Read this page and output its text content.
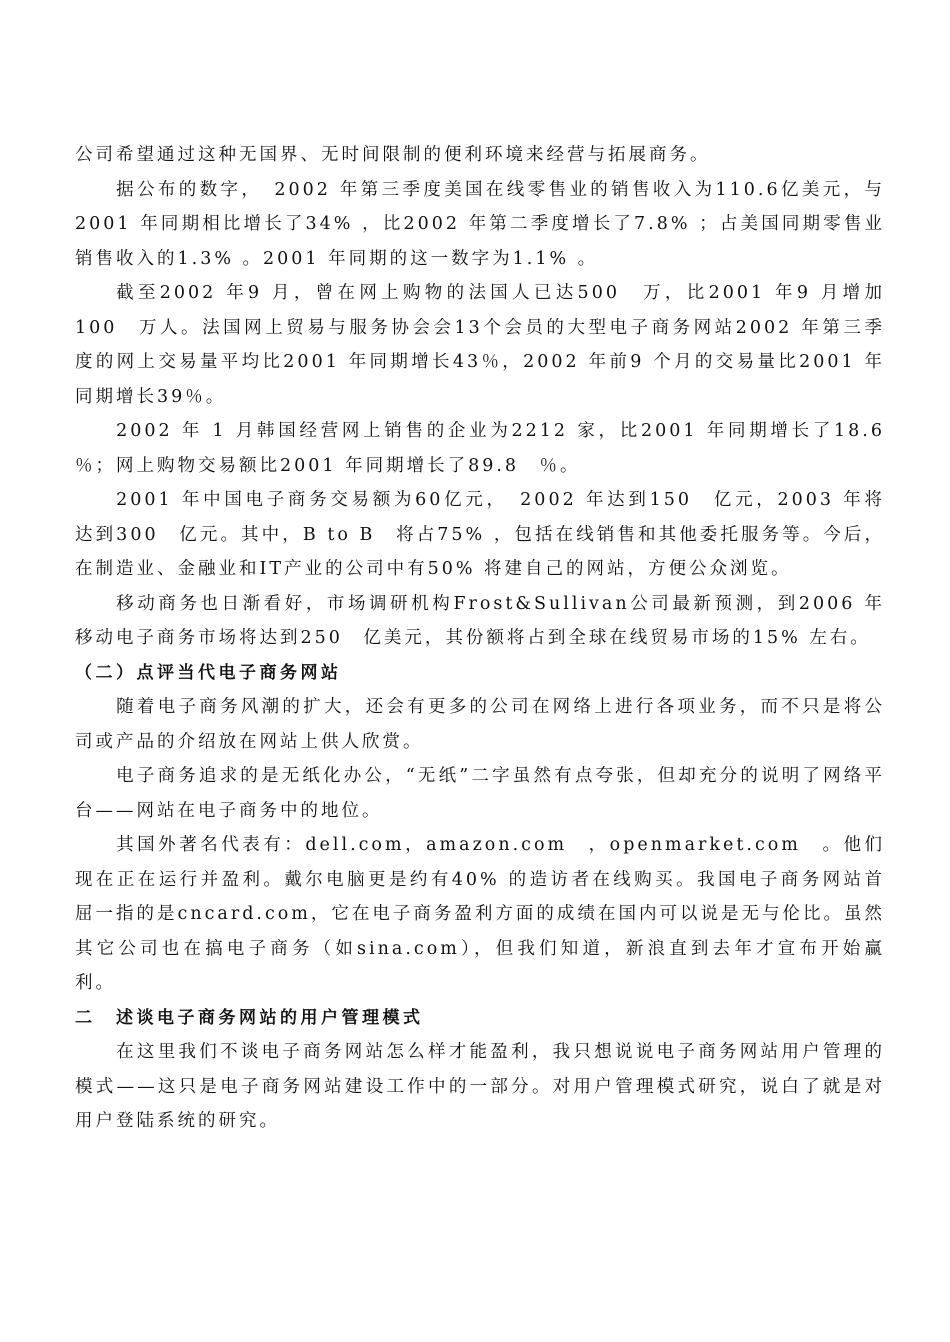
公司希望通过这种无国界、无时间限制的便利环境来经营与拓展商务。

据公布的数字，　2002 年第三季度美国在线零售业的销售收入为110.6亿美元，与2001 年同期相比增长了34% ，比2002 年第二季度增长了7.8% ；占美国同期零售业销售收入的1.3% 。2001 年同期的这一数字为1.1% 。

截至2002 年9 月，曾在网上购物的法国人已达500　万，比2001 年9 月增加100　万人。法国网上贸易与服务协会会13个会员的大型电子商务网站2002 年第三季度的网上交易量平均比2001 年同期增长43％，2002 年前9 个月的交易量比2001 年同期增长39％。

2002 年 1 月韩国经营网上销售的企业为2212 家，比2001 年同期增长了18.6　％；网上购物交易额比2001 年同期增长了89.8　％。

2001 年中国电子商务交易额为60亿元，　2002 年达到150　亿元，2003 年将达到300　亿元。其中，B to B　将占75% ，包括在线销售和其他委托服务等。今后，在制造业、金融业和IT产业的公司中有50% 将建自己的网站，方便公众浏览。

移动商务也日渐看好，市场调研机构Frost&Sullivan公司最新预测，到2006 年移动电子商务市场将达到250　亿美元，其份额将占到全球在线贸易市场的15% 左右。

（二）点评当代电子商务网站

随着电子商务风潮的扩大，还会有更多的公司在网络上进行各项业务，而不只是将公司或产品的介绍放在网站上供人欣赏。

电子商务追求的是无纸化办公，“无纸”二字虽然有点夸张，但却充分的说明了网络平台——网站在电子商务中的地位。

其国外著名代表有：dell.com，amazon.com　，openmarket.com　。他们现在正在运行并盈利。戴尔电脑更是约有40% 的造访者在线购买。我国电子商务网站首屈一指的是cncard.com，它在电子商务盈利方面的成绩在国内可以说是无与伦比。虽然其它公司也在搞电子商务（如sina.com），但我们知道，新浪直到去年才宣布开始赢利。

二　述谈电子商务网站的用户管理模式

在这里我们不谈电子商务网站怎么样才能盈利，我只想说说电子商务网站用户管理的模式——这只是电子商务网站建设工作中的一部分。对用户管理模式研究，说白了就是对用户登陆系统的研究。
